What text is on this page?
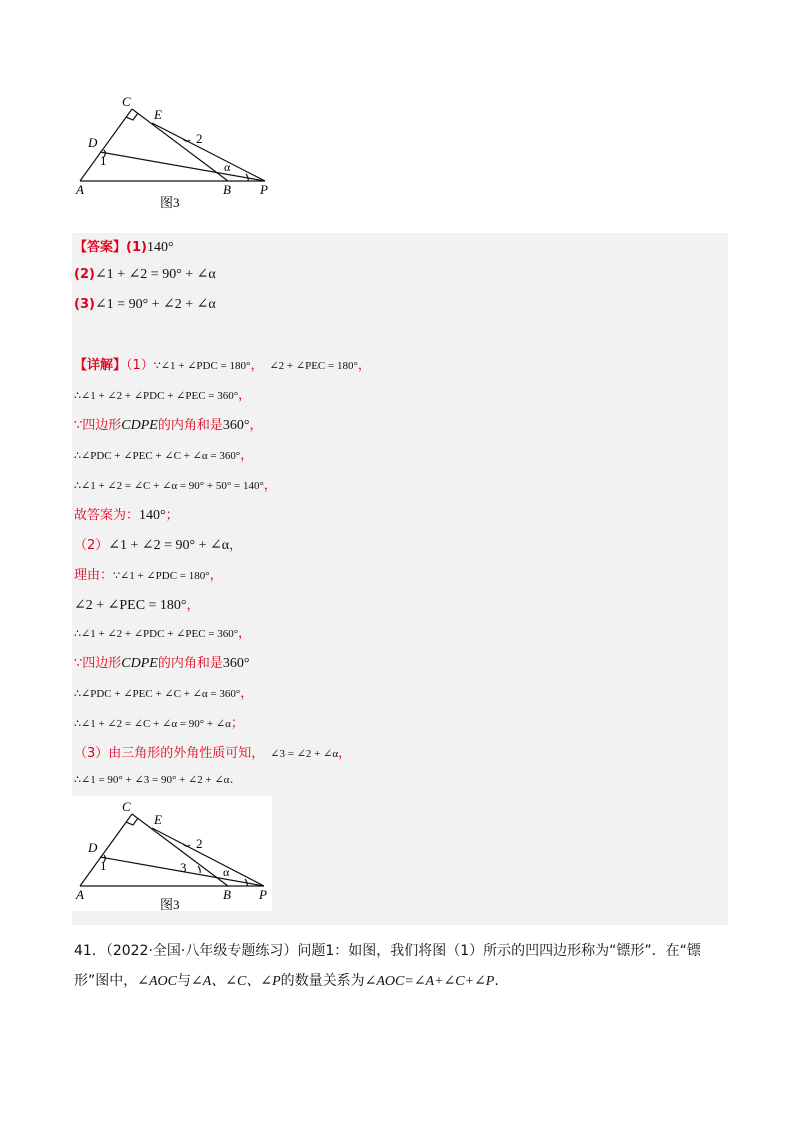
C
E
2
D
1	α
A	B P
图3
【答案】(1)140°
(2)∠1 + ∠2 = 90° + ∠α
(3)∠1 = 90° + ∠2 + ∠α
【详解】（1）∵∠1 + ∠PDC = 180°， ∠2 + ∠PEC = 180°，
∴∠1 + ∠2 + ∠PDC + ∠PEC = 360°，
∵四边形CDPE的内角和是360°，
∴∠PDC + ∠PEC + ∠C + ∠α = 360°，
∴∠1 + ∠2 = ∠C + ∠α = 90° + 50° = 140°，
故答案为：140°；
（2）∠1 + ∠2 = 90° + ∠α，
理由：∵∠1 + ∠PDC = 180°，
∠2 + ∠PEC = 180°，
∴∠1 + ∠2 + ∠PDC + ∠PEC = 360°，
∵四边形CDPE的内角和是360°
∴∠PDC + ∠PEC + ∠C + ∠α = 360°，
∴∠1 + ∠2 = ∠C + ∠α = 90° + ∠α；
（3）由三角形的外角性质可知， ∠3 = ∠2 + ∠α，
∴∠1 = 90° + ∠3 = 90° + ∠2 + ∠α.
C
E
2
D
1	3	α
A	B P
图3
41．（2022·全国·八年级专题练习）问题1：如图，我们将图（1）所示的凹四边形称为“镖形”．在“镖
形”图中，∠AOC与∠A、∠C、∠P的数量关系为∠AOC=∠A+∠C+∠P.
